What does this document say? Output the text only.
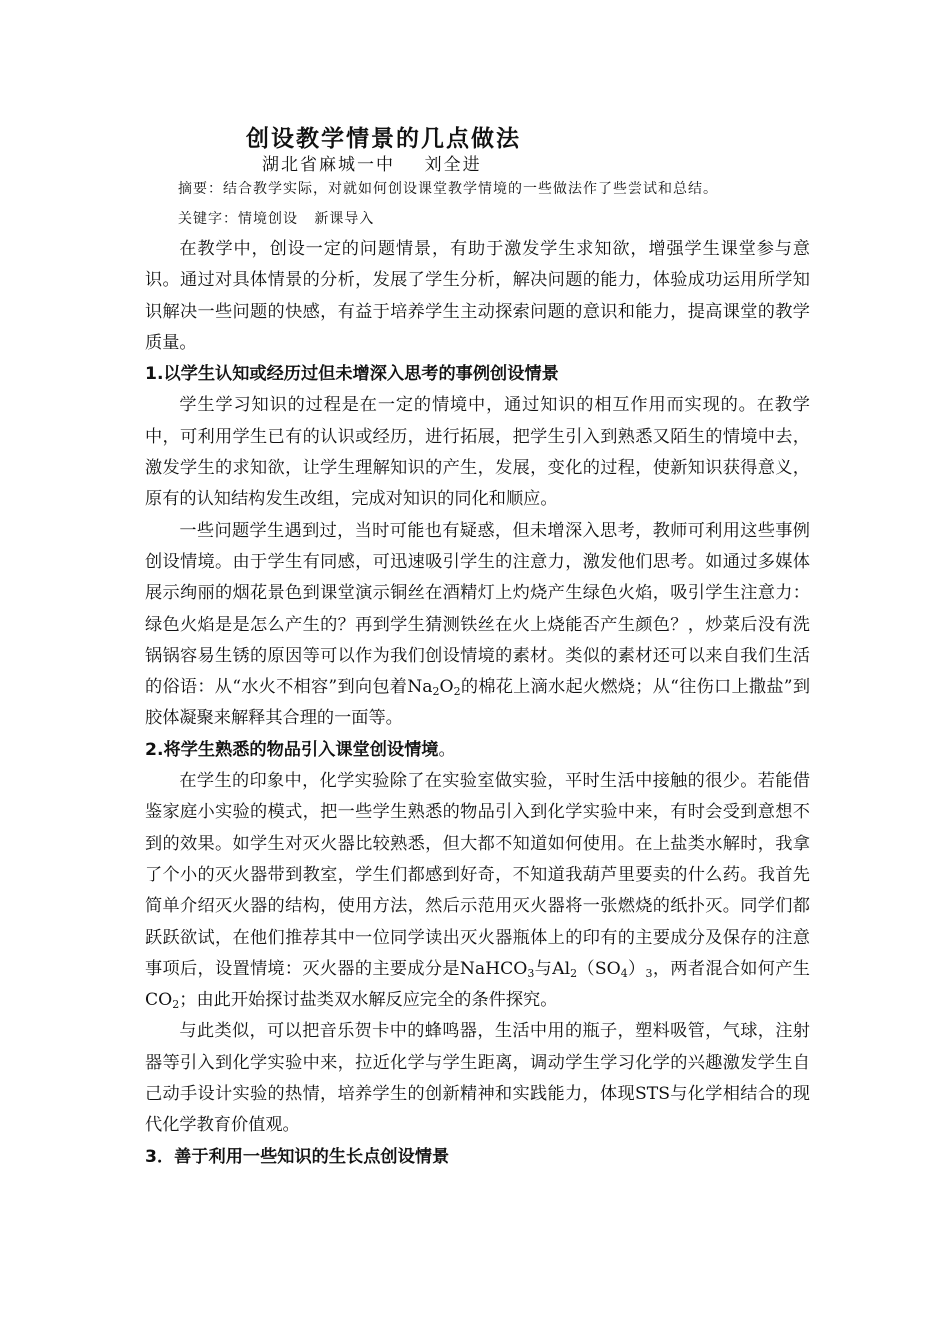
创设教学情景的几点做法
湖北省麻城一中    刘全进
摘要：结合教学实际，对就如何创设课堂教学情境的一些做法作了些尝试和总结。
关键字：情境创设   新课导入

在教学中，创设一定的问题情景，有助于激发学生求知欲，增强学生课堂参与意识。通过对具体情景的分析，发展了学生分析，解决问题的能力，体验成功运用所学知识解决一些问题的快感，有益于培养学生主动探索问题的意识和能力，提高课堂的教学质量。

1.以学生认知或经历过但未增深入思考的事例创设情景

学生学习知识的过程是在一定的情境中，通过知识的相互作用而实现的。在教学中，可利用学生已有的认识或经历，进行拓展，把学生引入到熟悉又陌生的情境中去，激发学生的求知欲，让学生理解知识的产生，发展，变化的过程，使新知识获得意义，原有的认知结构发生改组，完成对知识的同化和顺应。

一些问题学生遇到过，当时可能也有疑惑，但未增深入思考，教师可利用这些事例创设情境。由于学生有同感，可迅速吸引学生的注意力，激发他们思考。如通过多媒体展示绚丽的烟花景色到课堂演示铜丝在酒精灯上灼烧产生绿色火焰，吸引学生注意力：绿色火焰是是怎么产生的？再到学生猜测铁丝在火上烧能否产生颜色？，炒菜后没有洗锅锅容易生锈的原因等可以作为我们创设情境的素材。类似的素材还可以来自我们生活的俗语：从“水火不相容”到向包着$Na_2O_2$的棉花上滴水起火燃烧；从“往伤口上撒盐”到胶体凝聚来解释其合理的一面等。

2.将学生熟悉的物品引入课堂创设情境。

在学生的印象中，化学实验除了在实验室做实验，平时生活中接触的很少。若能借鉴家庭小实验的模式，把一些学生熟悉的物品引入到化学实验中来，有时会受到意想不到的效果。如学生对灭火器比较熟悉，但大都不知道如何使用。在上盐类水解时，我拿了个小的灭火器带到教室，学生们都感到好奇，不知道我葫芦里要卖的什么药。我首先简单介绍灭火器的结构，使用方法，然后示范用灭火器将一张燃烧的纸扑灭。同学们都跃跃欲试，在他们推荐其中一位同学读出灭火器瓶体上的印有的主要成分及保存的注意事项后，设置情境：灭火器的主要成分是NaHCO$_3$与$Al_2(SO_4)_3$，两者混合如何产生$CO_2$；由此开始探讨盐类双水解反应完全的条件探究。

与此类似，可以把音乐贺卡中的蜂鸣器，生活中用的瓶子，塑料吸管，气球，注射器等引入到化学实验中来，拉近化学与学生距离，调动学生学习化学的兴趣激发学生自己动手设计实验的热情，培养学生的创新精神和实践能力，体现STS与化学相结合的现代化学教育价值观。

3．善于利用一些知识的生长点创设情景
